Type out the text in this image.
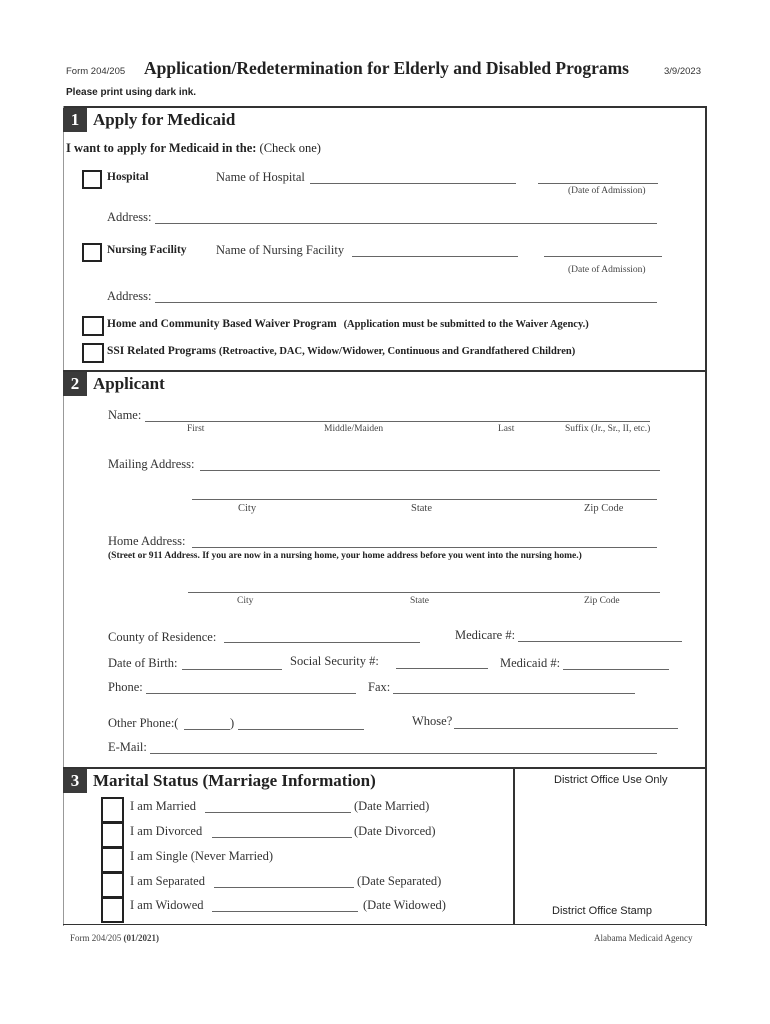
Form 204/205 Application/Redetermination for Elderly and Disabled Programs	3/9/2023
Please print using dark ink.
1 Apply for Medicaid
I want to apply for Medicaid in the: (Check one)
Hospital	Name of Hospital
(Date of Admission)
Address:
Nursing Facility Name of Nursing Facility
(Date of Admission)
Address:
Home and Community Based Waiver Program (Application must be submitted to the Waiver Agency.)
SSI Related Programs (Retroactive, DAC, Widow/Widower, Continuous and Grandfathered Children)
2 Applicant
Name:
First	Middle/Maiden	Last	Suffix (Jr., Sr., II, etc.)
Mailing Address:
City	State	Zip Code
Home Address:
(Street or 911 Address. If you are now in a nursing home, your home address before you went into the nursing home.)
City	State	Zip Code
County of Residence:	Medicare #:
Date of Birth:	Social Security #:	Medicaid #:
Phone:	Fax:
Other Phone:(	)	Whose?
E-Mail:
3 Marital Status (Marriage Information)	District Office Use Only
District Office Stamp
I am Married	(Date Married)
I am Divorced	(Date Divorced)
I am Single (Never Married)
I am Separated	(Date Separated)
I am Widowed	(Date Widowed)
Form 204/205 (01/2021)	Alabama Medicaid Agency
